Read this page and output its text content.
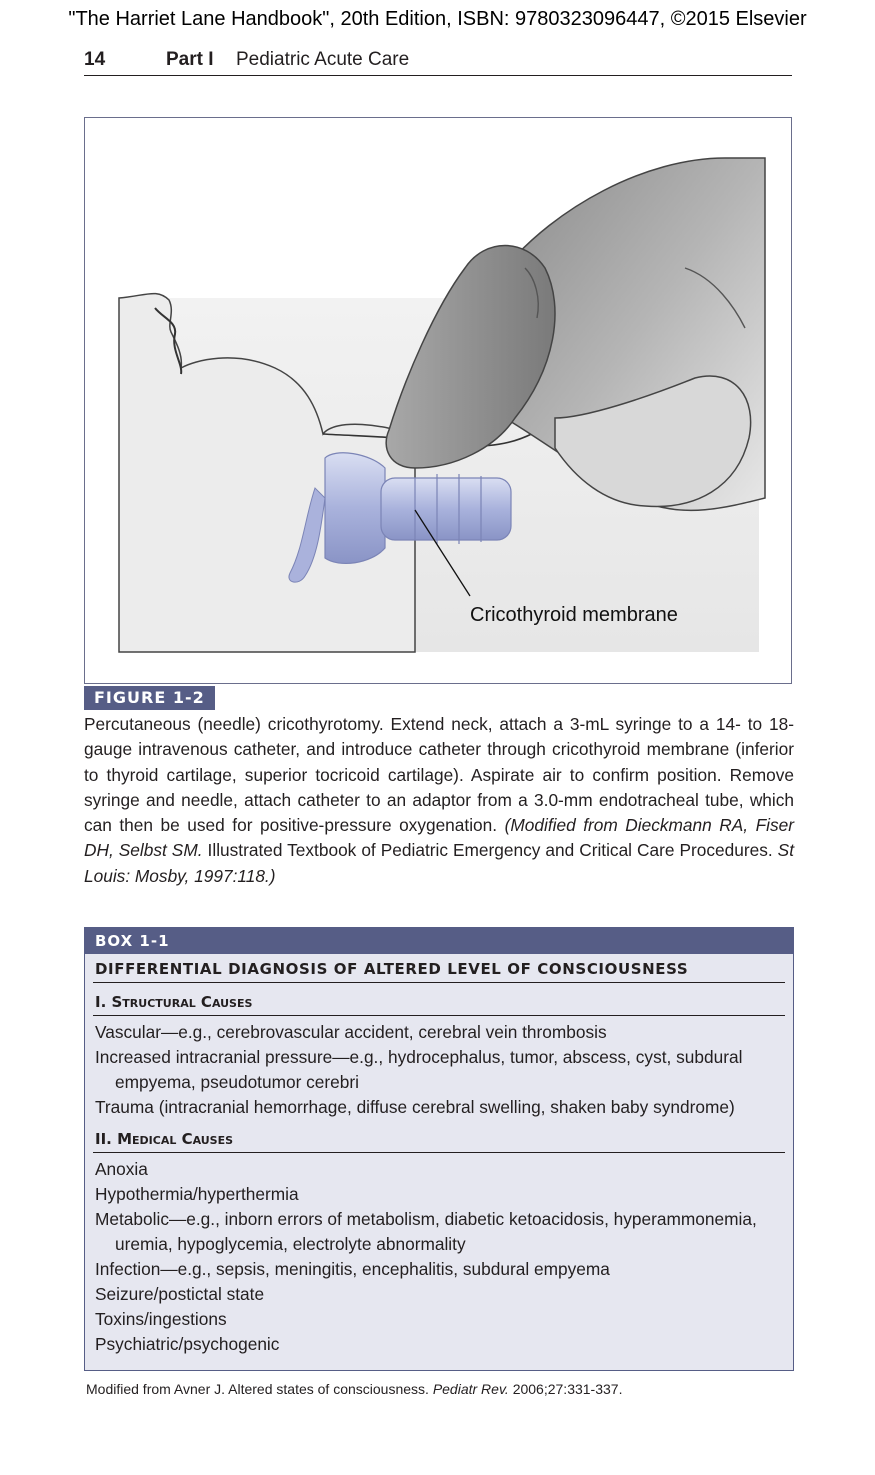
"The Harriet Lane Handbook", 20th Edition, ISBN: 9780323096447, ©2015 Elsevier
14	Part I Pediatric Acute Care
Cricothyroid membrane
FIGURE 1-2
Percutaneous (needle) cricothyrotomy. Extend neck, attach a 3-mL syringe to a 14- to 18-gauge intravenous catheter, and introduce catheter through cricothyroid membrane (inferior to thyroid cartilage, superior tocricoid cartilage). Aspirate air to confirm position. Remove syringe and needle, attach catheter to an adaptor from a 3.0-mm endotracheal tube, which can then be used for positive-pressure oxygenation. (Modified from Dieckmann RA, Fiser DH, Selbst SM. Illustrated Textbook of Pediatric Emergency and Critical Care Procedures. St Louis: Mosby, 1997:118.)
BOX 1-1
DIFFERENTIAL DIAGNOSIS OF ALTERED LEVEL OF CONSCIOUSNESS
I. Structural Causes
Vascular—e.g., cerebrovascular accident, cerebral vein thrombosis
Increased intracranial pressure—e.g., hydrocephalus, tumor, abscess, cyst, subdural empyema, pseudotumor cerebri
Trauma (intracranial hemorrhage, diffuse cerebral swelling, shaken baby syndrome)
II. Medical Causes
Anoxia
Hypothermia/hyperthermia
Metabolic—e.g., inborn errors of metabolism, diabetic ketoacidosis, hyperammonemia, uremia, hypoglycemia, electrolyte abnormality
Infection—e.g., sepsis, meningitis, encephalitis, subdural empyema
Seizure/postictal state
Toxins/ingestions
Psychiatric/psychogenic
Modified from Avner J. Altered states of consciousness. Pediatr Rev. 2006;27:331-337.
